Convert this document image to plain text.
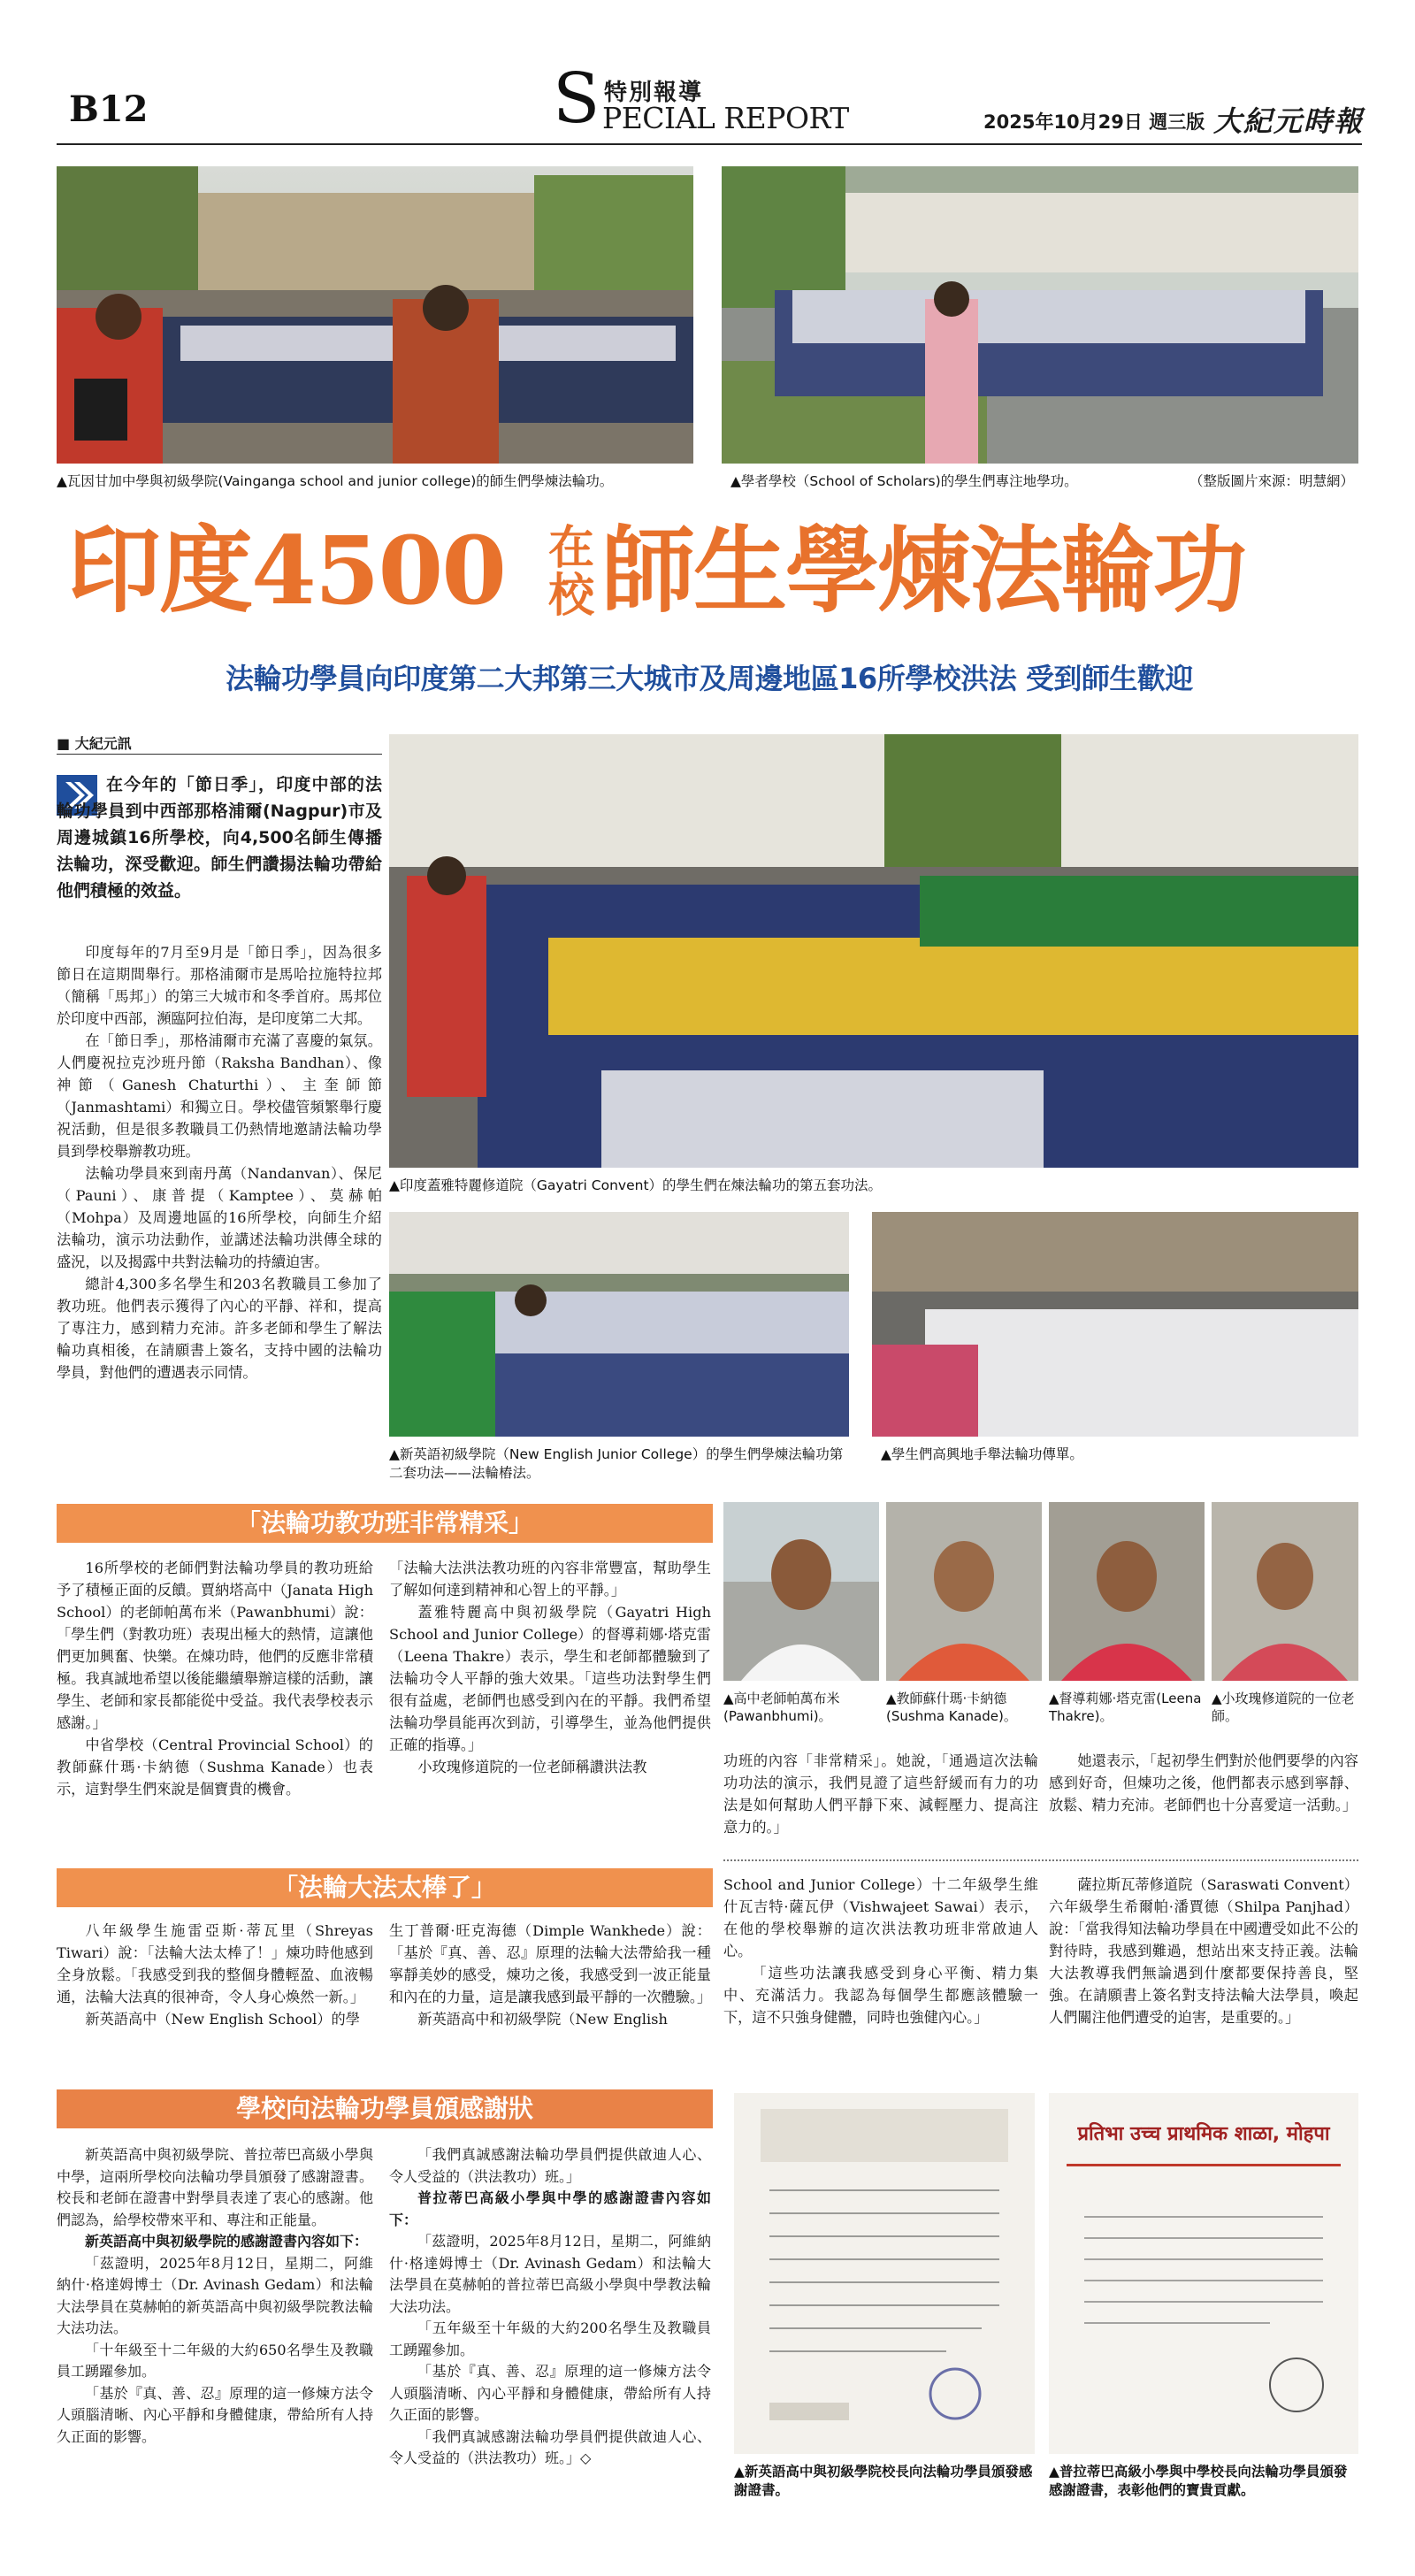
B12	S 特別報導
PECIAL REPORT	2025年10月29日 週三版 大紀元時報
▲瓦因甘加中學與初級學院(Vainganga school and junior college)的師生們學煉法輪功。	▲學者學校（School of Scholars)的學生們專注地學功。	（整版圖片來源：明慧網）
印度4500 在
校 師生學煉法輪功
法輪功學員向印度第二大邦第三大城市及周邊地區16所學校洪法 受到師生歡迎
■ 大紀元訊
在今年的「節日季」，印度中部的法輪功學員到中西部那格浦爾(Nagpur)市及周邊城鎮16所學校，向4,500名師生傳播法輪功，深受歡迎。師生們讚揚法輪功帶給他們積極的效益。

印度每年的7月至9月是「節日季」，因為很多節日在這期間舉行。那格浦爾市是馬哈拉施特拉邦（簡稱「馬邦」）的第三大城市和冬季首府。馬邦位於印度中西部，瀕臨阿拉伯海，是印度第二大邦。

在「節日季」，那格浦爾市充滿了喜慶的氣氛。人們慶祝拉克沙班丹節（Raksha Bandhan）、像神節（Ganesh Chaturthi）、主奎師節（Janmashtami）和獨立日。學校儘管頻繁舉行慶祝活動，但是很多教職員工仍熱情地邀請法輪功學員到學校舉辦教功班。

法輪功學員來到南丹萬（Nandanvan）、保尼（Pauni）、康普提（Kamptee）、莫赫帕（Mohpa）及周邊地區的16所學校，向師生介紹法輪功，演示功法動作，並講述法輪功洪傳全球的盛況，以及揭露中共對法輪功的持續迫害。

總計4,300多名學生和203名教職員工參加了教功班。他們表示獲得了內心的平靜、祥和，提高了專注力，感到精力充沛。許多老師和學生了解法輪功真相後，在請願書上簽名，支持中國的法輪功學員，對他們的遭遇表示同情。

▲印度蓋雅特麗修道院（Gayatri Convent）的學生們在煉法輪功的第五套功法。
▲新英語初級學院（New English Junior College）的學生們學煉法輪功第二套功法——法輪樁法。
▲學生們高興地手舉法輪功傳單。
「法輪功教功班非常精采」

16所學校的老師們對法輪功學員的教功班給予了積極正面的反饋。賈納塔高中（Janata High School）的老師帕萬布米（Pawanbhumi）說：「學生們（對教功班）表現出極大的熱情，這讓他們更加興奮、快樂。在煉功時，他們的反應非常積極。我真誠地希望以後能繼續舉辦這樣的活動，讓學生、老師和家長都能從中受益。我代表學校表示感謝。」

中省學校（Central Provincial School）的教師蘇什瑪·卡納德（Sushma Kanade）也表示，這對學生們來說是個寶貴的機會。

「法輪大法洪法教功班的內容非常豐富，幫助學生了解如何達到精神和心智上的平靜。」

蓋雅特麗高中與初級學院（Gayatri High School and Junior College）的督導莉娜·塔克雷（Leena Thakre）表示，學生和老師都體驗到了法輪功令人平靜的強大效果。「這些功法對學生們很有益處，老師們也感受到內在的平靜。我們希望法輪功學員能再次到訪，引導學生，並為他們提供正確的指導。」

小玫瑰修道院的一位老師稱讚洪法教

▲高中老師帕萬布米(Pawanbhumi)。
▲教師蘇什瑪·卡納德(Sushma Kanade)。
▲督導莉娜·塔克雷(Leena Thakre)。
▲小玫瑰修道院的一位老師。

功班的內容「非常精采」。她說，「通過這次法輪功功法的演示，我們見證了這些舒緩而有力的功法是如何幫助人們平靜下來、減輕壓力、提高注意力的。」

她還表示，「起初學生們對於他們要學的內容感到好奇，但煉功之後，他們都表示感到寧靜、放鬆、精力充沛。老師們也十分喜愛這一活動。」

「法輪大法太棒了」

八年級學生施雷亞斯·蒂瓦里（Shreyas Tiwari）說：「法輪大法太棒了！」煉功時他感到全身放鬆。「我感受到我的整個身體輕盈、血液暢通，法輪大法真的很神奇，令人身心煥然一新。」

新英語高中（New English School）的學

生丁普爾·旺克海德（Dimple Wankhede）說：「基於『真、善、忍』原理的法輪大法帶給我一種寧靜美妙的感受，煉功之後，我感受到一波正能量和內在的力量，這是讓我感到最平靜的一次體驗。」

新英語高中和初級學院（New English

School and Junior College）十二年級學生維什瓦吉特·薩瓦伊（Vishwajeet Sawai）表示，在他的學校舉辦的這次洪法教功班非常啟迪人心。

「這些功法讓我感受到身心平衡、精力集中、充滿活力。我認為每個學生都應該體驗一下，這不只強身健體，同時也強健內心。」

薩拉斯瓦蒂修道院（Saraswati Convent）六年級學生希爾帕·潘賈德（Shilpa Panjhad）說：「當我得知法輪功學員在中國遭受如此不公的對待時，我感到難過，想站出來支持正義。法輪大法教導我們無論遇到什麼都要保持善良，堅強。在請願書上簽名對支持法輪大法學員，喚起人們關注他們遭受的迫害，是重要的。」

學校向法輪功學員頒感謝狀

新英語高中與初級學院、普拉蒂巴高級小學與中學，這兩所學校向法輪功學員頒發了感謝證書。校長和老師在證書中對學員表達了衷心的感謝。他們認為，給學校帶來平和、專注和正能量。

新英語高中與初級學院的感謝證書內容如下：

「茲證明，2025年8月12日，星期二，阿維納什·格達姆博士（Dr. Avinash Gedam）和法輪大法學員在莫赫帕的新英語高中與初級學院教法輪大法功法。

「十年級至十二年級的大約650名學生及教職員工踴躍參加。

「基於『真、善、忍』原理的這一修煉方法令人頭腦清晰、內心平靜和身體健康，帶給所有人持久正面的影響。

「我們真誠感謝法輪功學員們提供啟迪人心、令人受益的（洪法教功）班。」

普拉蒂巴高級小學與中學的感謝證書內容如下：

「茲證明，2025年8月12日，星期二，阿維納什·格達姆博士（Dr. Avinash Gedam）和法輪大法學員在莫赫帕的普拉蒂巴高級小學與中學教法輪大法功法。

「五年級至十年級的大約200名學生及教職員工踴躍參加。

「基於『真、善、忍』原理的這一修煉方法令人頭腦清晰、內心平靜和身體健康，帶給所有人持久正面的影響。

「我們真誠感謝法輪功學員們提供啟迪人心、令人受益的（洪法教功）班。」◇

प्रतिभा उच्च प्राथमिक शाळा, मोहपा
▲新英語高中與初級學院校長向法輪功學員頒發感謝證書。
▲普拉蒂巴高級小學與中學校長向法輪功學員頒發感謝證書，表彰他們的寶貴貢獻。
